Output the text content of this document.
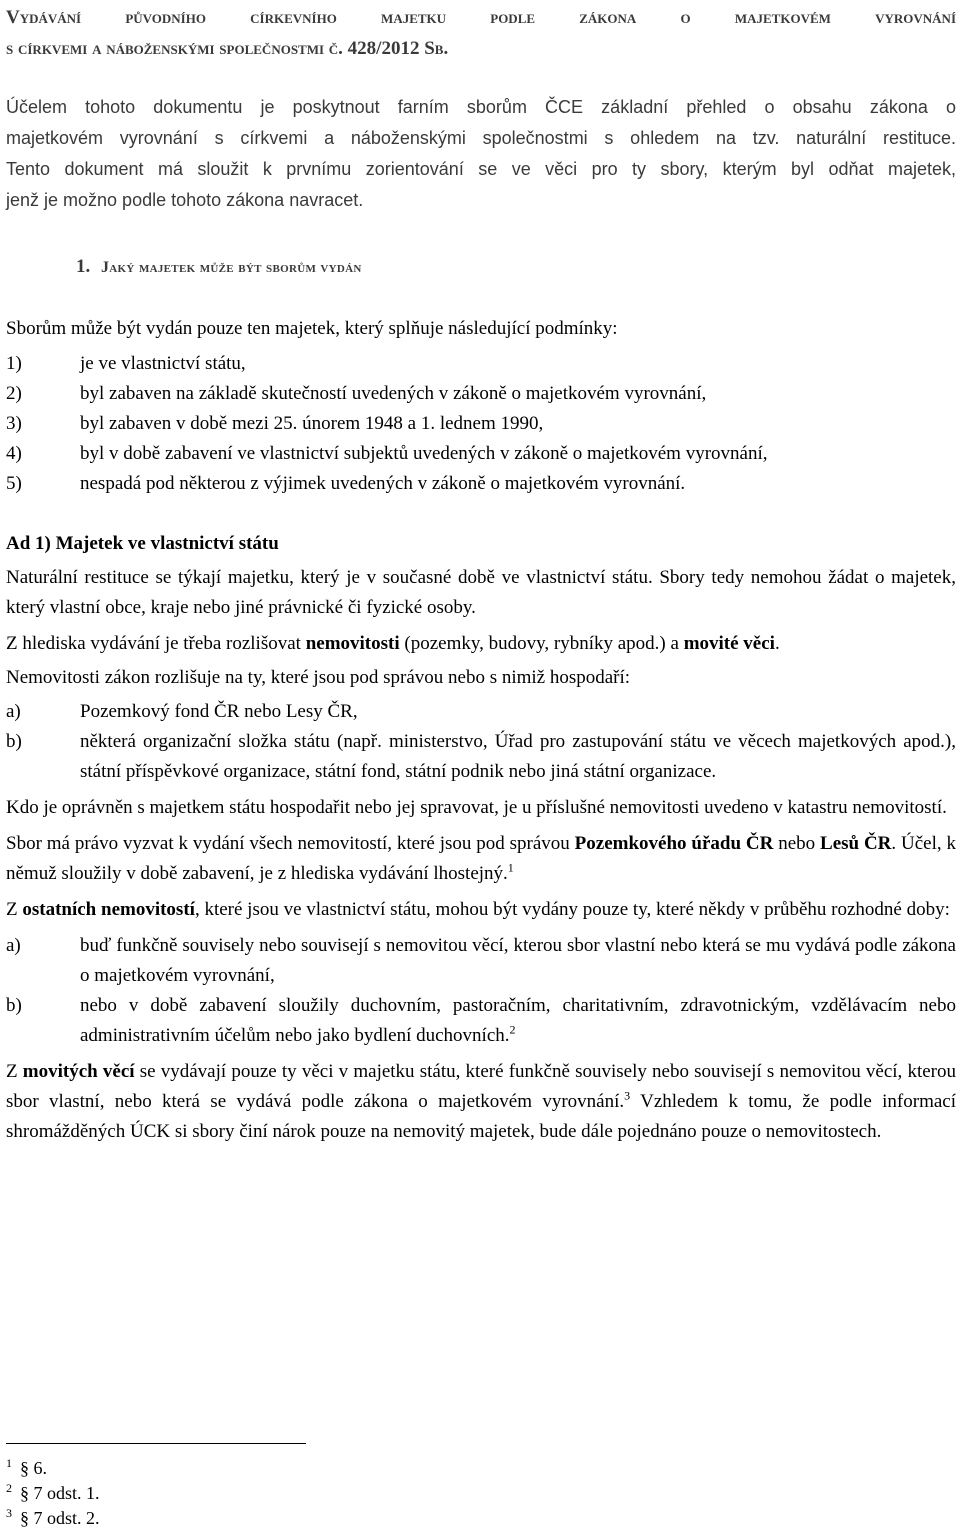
Vydávání původního církevního majetku podle zákona o majetkovém vyrovnání
s církvemi a náboženskými společnostmi č. 428/2012 Sb.

Účelem tohoto dokumentu je poskytnout farním sborům ČCE základní přehled o obsahu zákona o

majetkovém vyrovnání s církvemi a náboženskými společnostmi s ohledem na tzv. naturální restituce.

Tento dokument má sloužit k prvnímu zorientování se ve věci pro ty sbory, kterým byl odňat majetek,

jenž je možno podle tohoto zákona navracet.

1. Jaký majetek může být sborům vydán

Sborům může být vydán pouze ten majetek, který splňuje následující podmínky:

1)	je ve vlastnictví státu,
2)	byl zabaven na základě skutečností uvedených v zákoně o majetkovém vyrovnání,
3)	byl zabaven v době mezi 25. únorem 1948 a 1. lednem 1990,
4)	byl v době zabavení ve vlastnictví subjektů uvedených v zákoně o majetkovém vyrovnání,
5)	nespadá pod některou z výjimek uvedených v zákoně o majetkovém vyrovnání.

Ad 1) Majetek ve vlastnictví státu

Naturální restituce se týkají majetku, který je v současné době ve vlastnictví státu. Sbory tedy nemohou žádat o majetek, který vlastní obce, kraje nebo jiné právnické či fyzické osoby.

Z hlediska vydávání je třeba rozlišovat nemovitosti (pozemky, budovy, rybníky apod.) a movité věci.

Nemovitosti zákon rozlišuje na ty, které jsou pod správou nebo s nimiž hospodaří:

a)	Pozemkový fond ČR nebo Lesy ČR,
b)	některá organizační složka státu (např. ministerstvo, Úřad pro zastupování státu ve věcech majetkových apod.), státní příspěvkové organizace, státní fond, státní podnik nebo jiná státní organizace.

Kdo je oprávněn s majetkem státu hospodařit nebo jej spravovat, je u příslušné nemovitosti uvedeno v katastru nemovitostí.

Sbor má právo vyzvat k vydání všech nemovitostí, které jsou pod správou Pozemkového úřadu ČR nebo Lesů ČR. Účel, k němuž sloužily v době zabavení, je z hlediska vydávání lhostejný.$^1$

Z ostatních nemovitostí, které jsou ve vlastnictví státu, mohou být vydány pouze ty, které někdy v průběhu rozhodné doby:

a)	buď funkčně souvisely nebo souvisejí s nemovitou věcí, kterou sbor vlastní nebo která se mu vydává podle zákona o majetkovém vyrovnání,
b)	nebo v době zabavení sloužily duchovním, pastoračním, charitativním, zdravotnickým, vzdělávacím nebo administrativním účelům nebo jako bydlení duchovních.$^2$

Z movitých věcí se vydávají pouze ty věci v majetku státu, které funkčně souvisely nebo souvisejí s nemovitou věcí, kterou sbor vlastní, nebo která se vydává podle zákona o majetkovém vyrovnání.$^3$ Vzhledem k tomu, že podle informací shromážděných ÚCK si sbory činí nárok pouze na nemovitý majetek, bude dále pojednáno pouze o nemovitostech.

$^1$ § 6.
$^2$ § 7 odst. 1.
$^3$ § 7 odst. 2.
